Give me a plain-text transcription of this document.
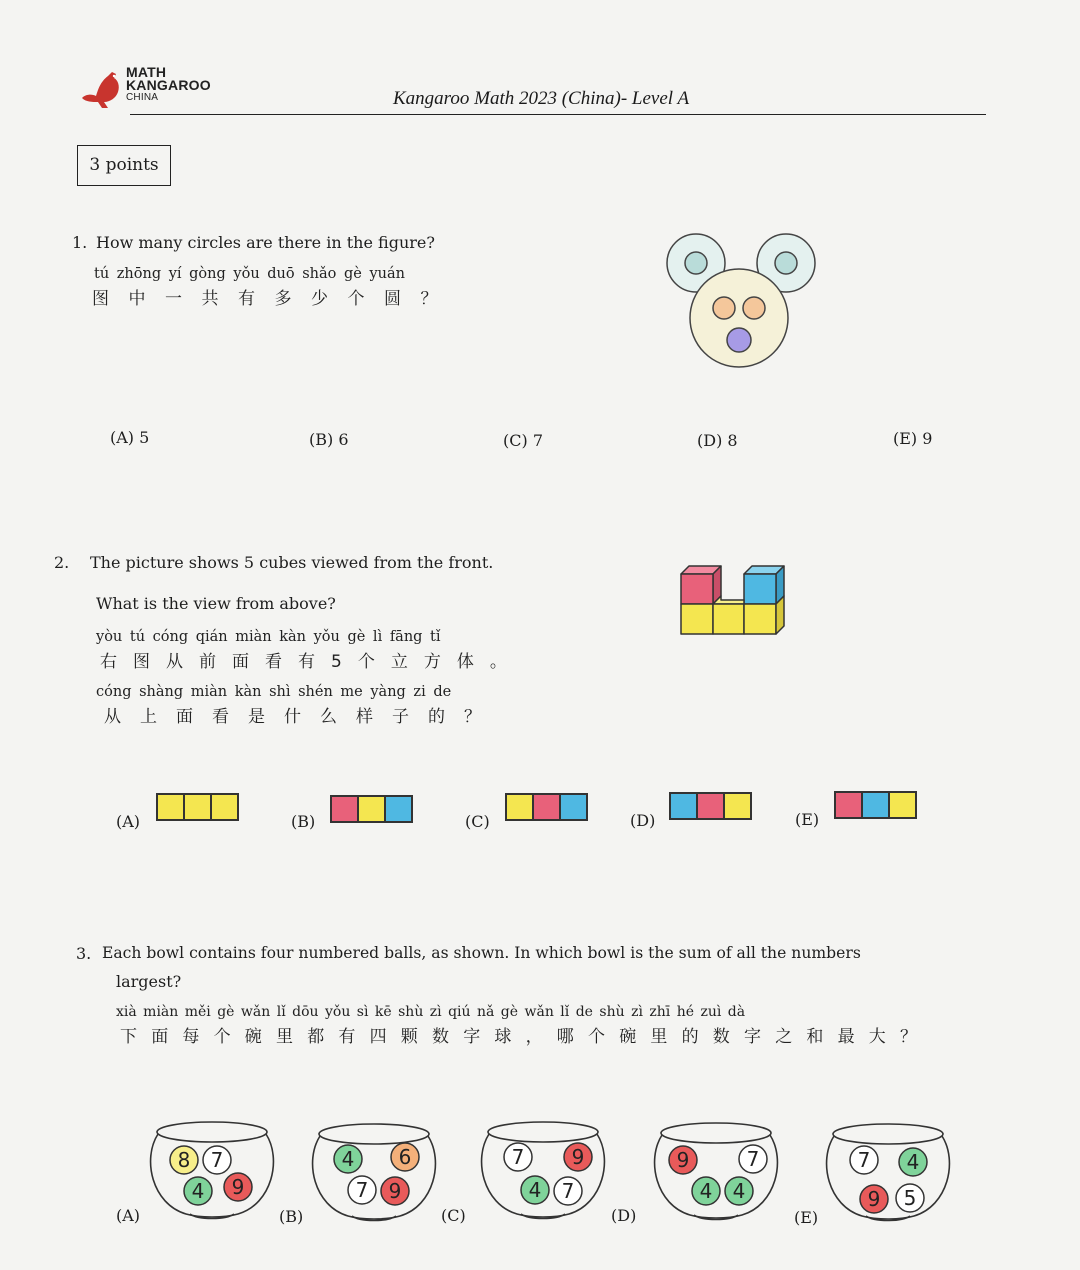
MATH
KANGAROO
CHINA	Kangaroo Math 2023 (China)- Level A
3 points
1. How many circles are there in the figure?
tú zhōng yí gòng yǒu duō shǎo gè yuán
图中一共有多少个圆？
(A) 5	(B) 6	(C) 7	(D) 8	(E) 9
2. The picture shows 5 cubes viewed from the front.
What is the view from above?
yòu tú cóng qián miàn kàn yǒu gè lì fāng tǐ
右图从前面看有5个立方体。
cóng shàng miàn kàn shì shén me yàng zi de
从上面看是什么样子的？
(A)	(B)	(C)	(D)	(E)
3. Each bowl contains four numbered balls, as shown. In which bowl is the sum of all the numbers
largest?
xià miàn měi gè wǎn lǐ dōu yǒu sì kē shù zì qiú nǎ gè wǎn lǐ de shù zì zhī hé zuì dà
下面每个碗里都有四颗数字球，哪个碗里的数字之和最大？
(A)
8 7
4 9
(B)
4 6
7 9
(C)
7 9
4 7
(D)
9	7
4 4
(E)
7 4
9 5
